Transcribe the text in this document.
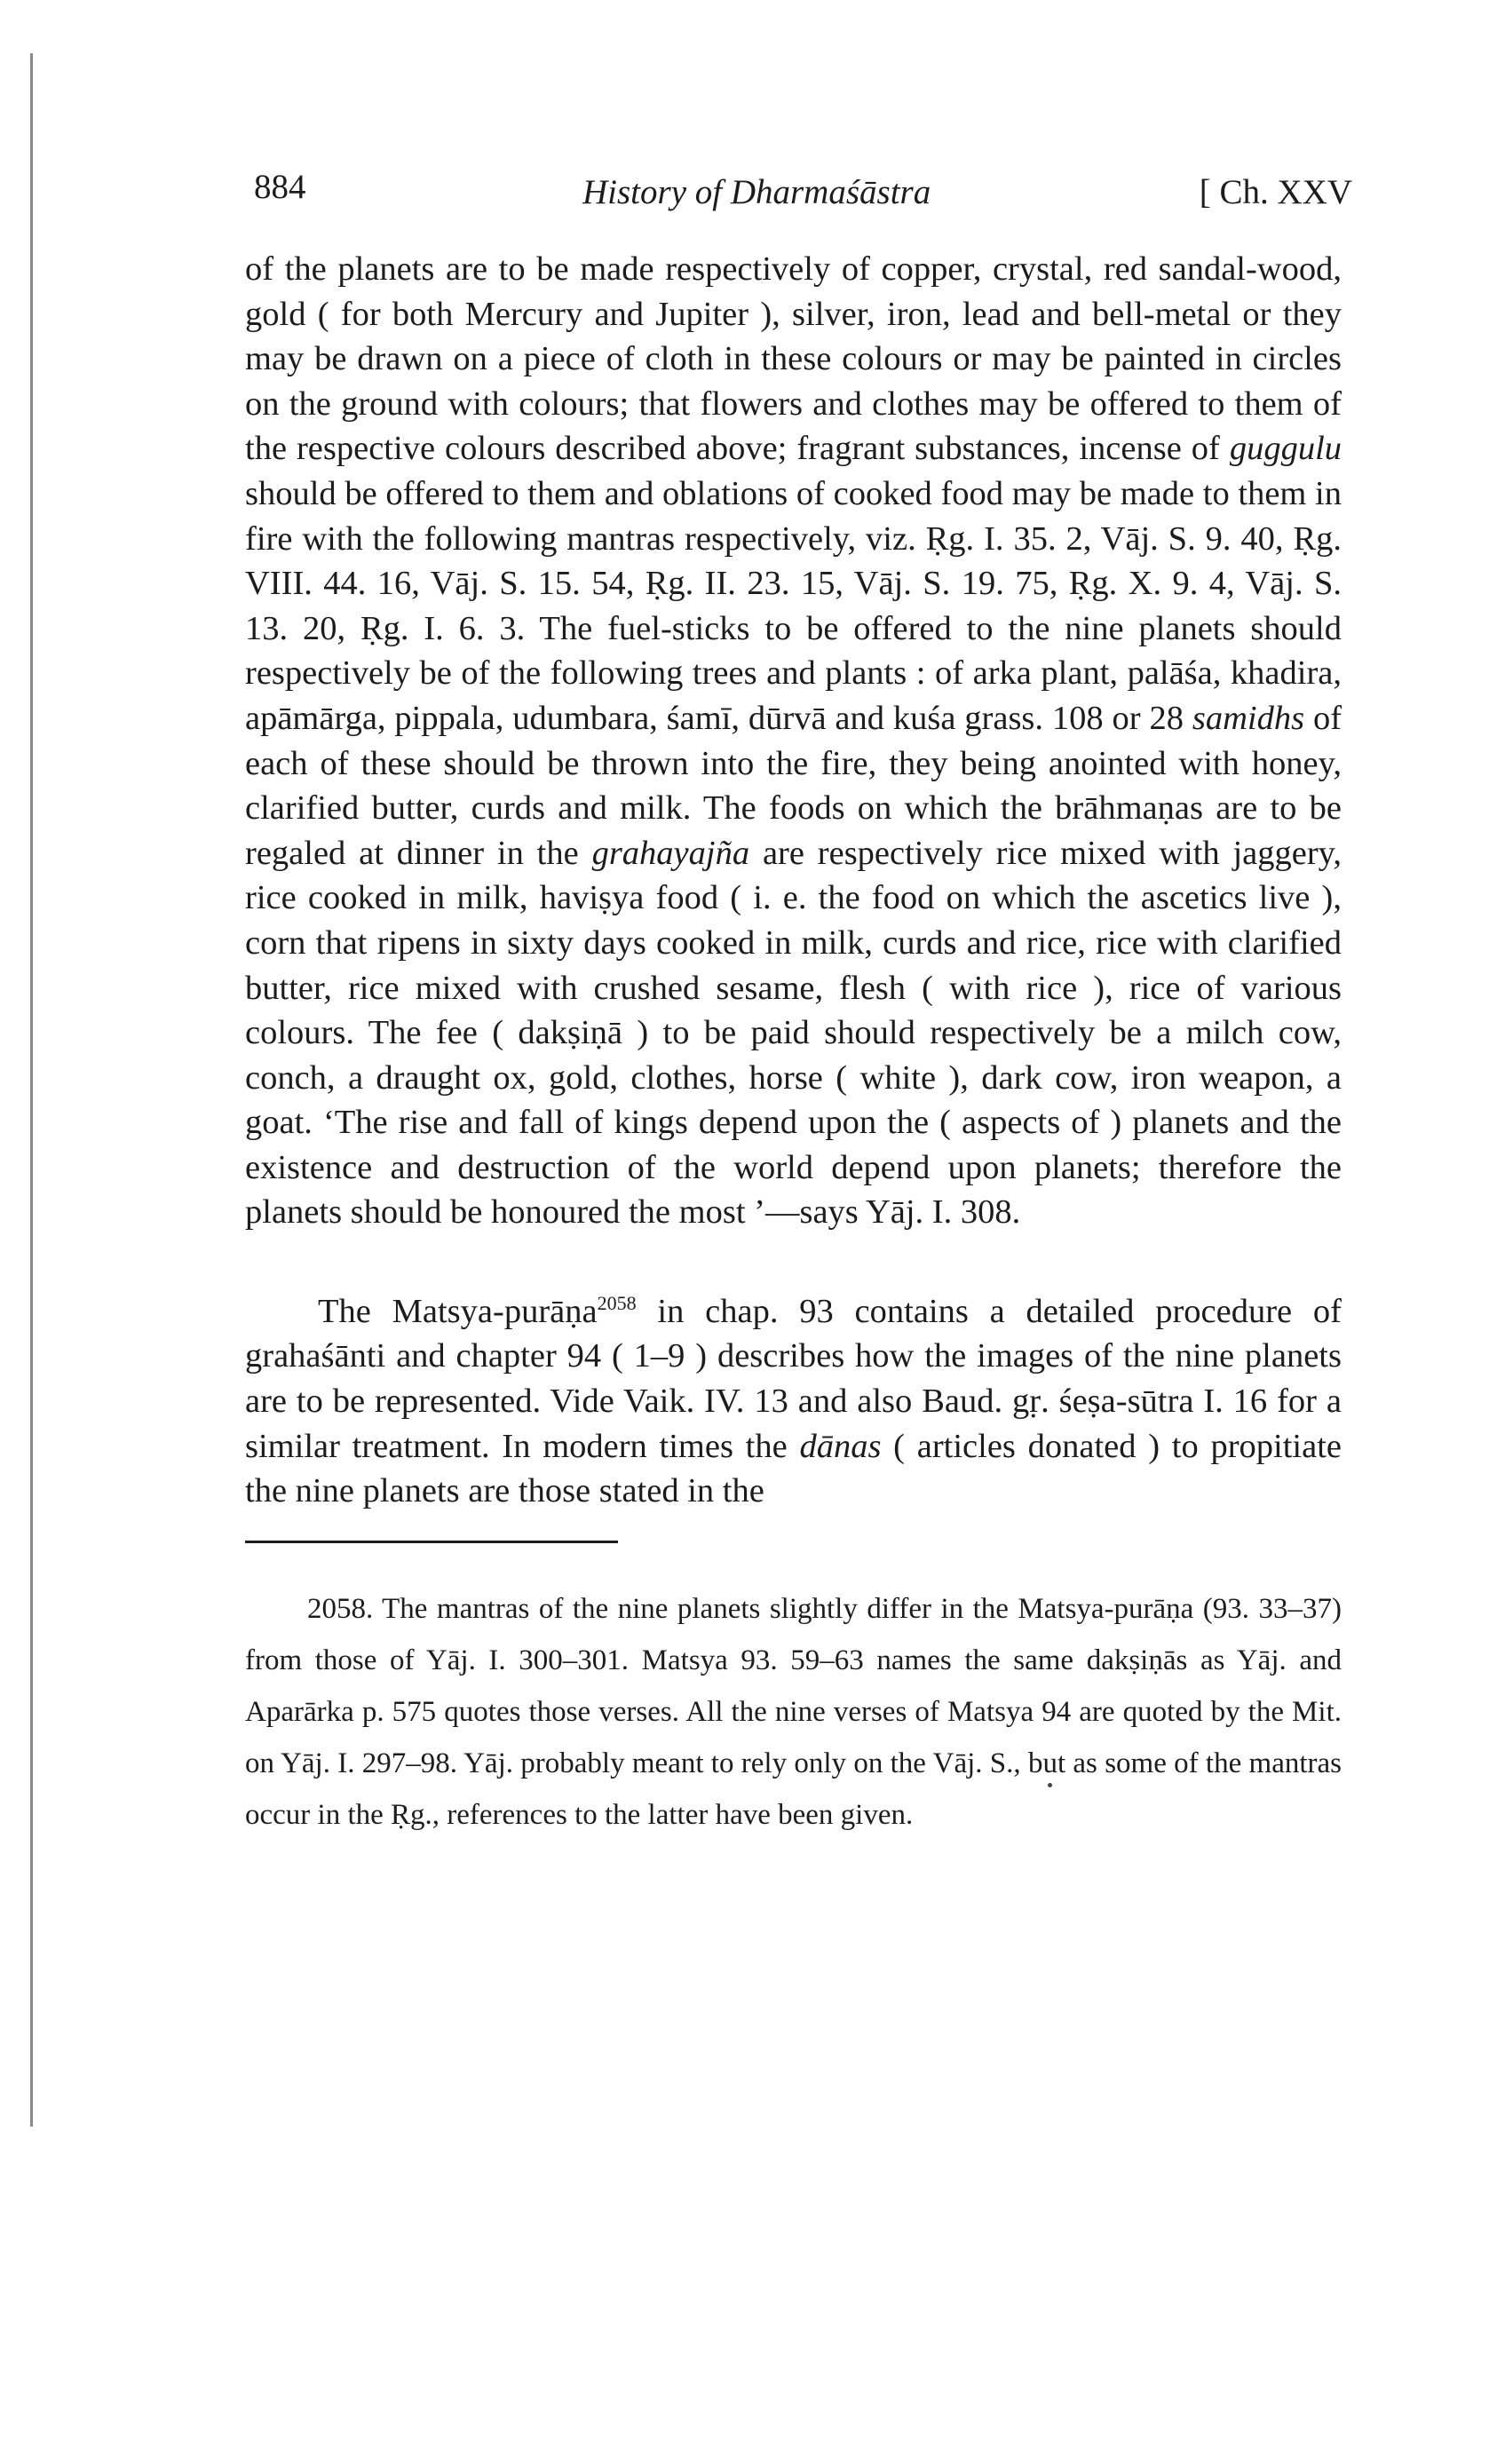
884	History of Dharmaśāstra	[ Ch. XXV

of the planets are to be made respectively of copper, crystal, red sandal-wood, gold ( for both Mercury and Jupiter ), silver, iron, lead and bell-metal or they may be drawn on a piece of cloth in these colours or may be painted in circles on the ground with colours; that flowers and clothes may be offered to them of the respective colours described above; fragrant substances, incense of guggulu should be offered to them and oblations of cooked food may be made to them in fire with the following mantras respectively, viz. Ṛg. I. 35. 2, Vāj. S. 9. 40, Ṛg. VIII. 44. 16, Vāj. S. 15. 54, Ṛg. II. 23. 15, Vāj. S. 19. 75, Ṛg. X. 9. 4, Vāj. S. 13. 20, Ṛg. I. 6. 3. The fuel-sticks to be offered to the nine planets should respectively be of the following trees and plants : of arka plant, palāśa, khadira, apāmārga, pippala, udumbara, śamī, dūrvā and kuśa grass. 108 or 28 samidhs of each of these should be thrown into the fire, they being anointed with honey, clarified butter, curds and milk. The foods on which the brāhmaṇas are to be regaled at dinner in the grahayajña are respectively rice mixed with jaggery, rice cooked in milk, haviṣya food ( i. e. the food on which the ascetics live ), corn that ripens in sixty days cooked in milk, curds and rice, rice with clarified butter, rice mixed with crushed sesame, flesh ( with rice ), rice of various colours. The fee ( dakṣiṇā ) to be paid should respectively be a milch cow, conch, a draught ox, gold, clothes, horse ( white ), dark cow, iron weapon, a goat. ‘The rise and fall of kings depend upon the ( aspects of ) planets and the existence and destruction of the world depend upon planets; therefore the planets should be honoured the most ’—says Yāj. I. 308.

The Matsya-purāṇa$^{2058}$ in chap. 93 contains a detailed procedure of grahaśānti and chapter 94 ( 1–9 ) describes how the images of the nine planets are to be represented. Vide Vaik. IV. 13 and also Baud. gṛ. śeṣa-sūtra I. 16 for a similar treatment. In modern times the dānas ( articles donated ) to propitiate the nine planets are those stated in the

2058. The mantras of the nine planets slightly differ in the Matsya-purāṇa (93. 33–37) from those of Yāj. I. 300–301. Matsya 93. 59–63 names the same dakṣiṇās as Yāj. and Aparārka p. 575 quotes those verses. All the nine verses of Matsya 94 are quoted by the Mit. on Yāj. I. 297–98. Yāj. probably meant to rely only on the Vāj. S., but as some of the mantras occur in the Ṛg., references to the latter have been given.
